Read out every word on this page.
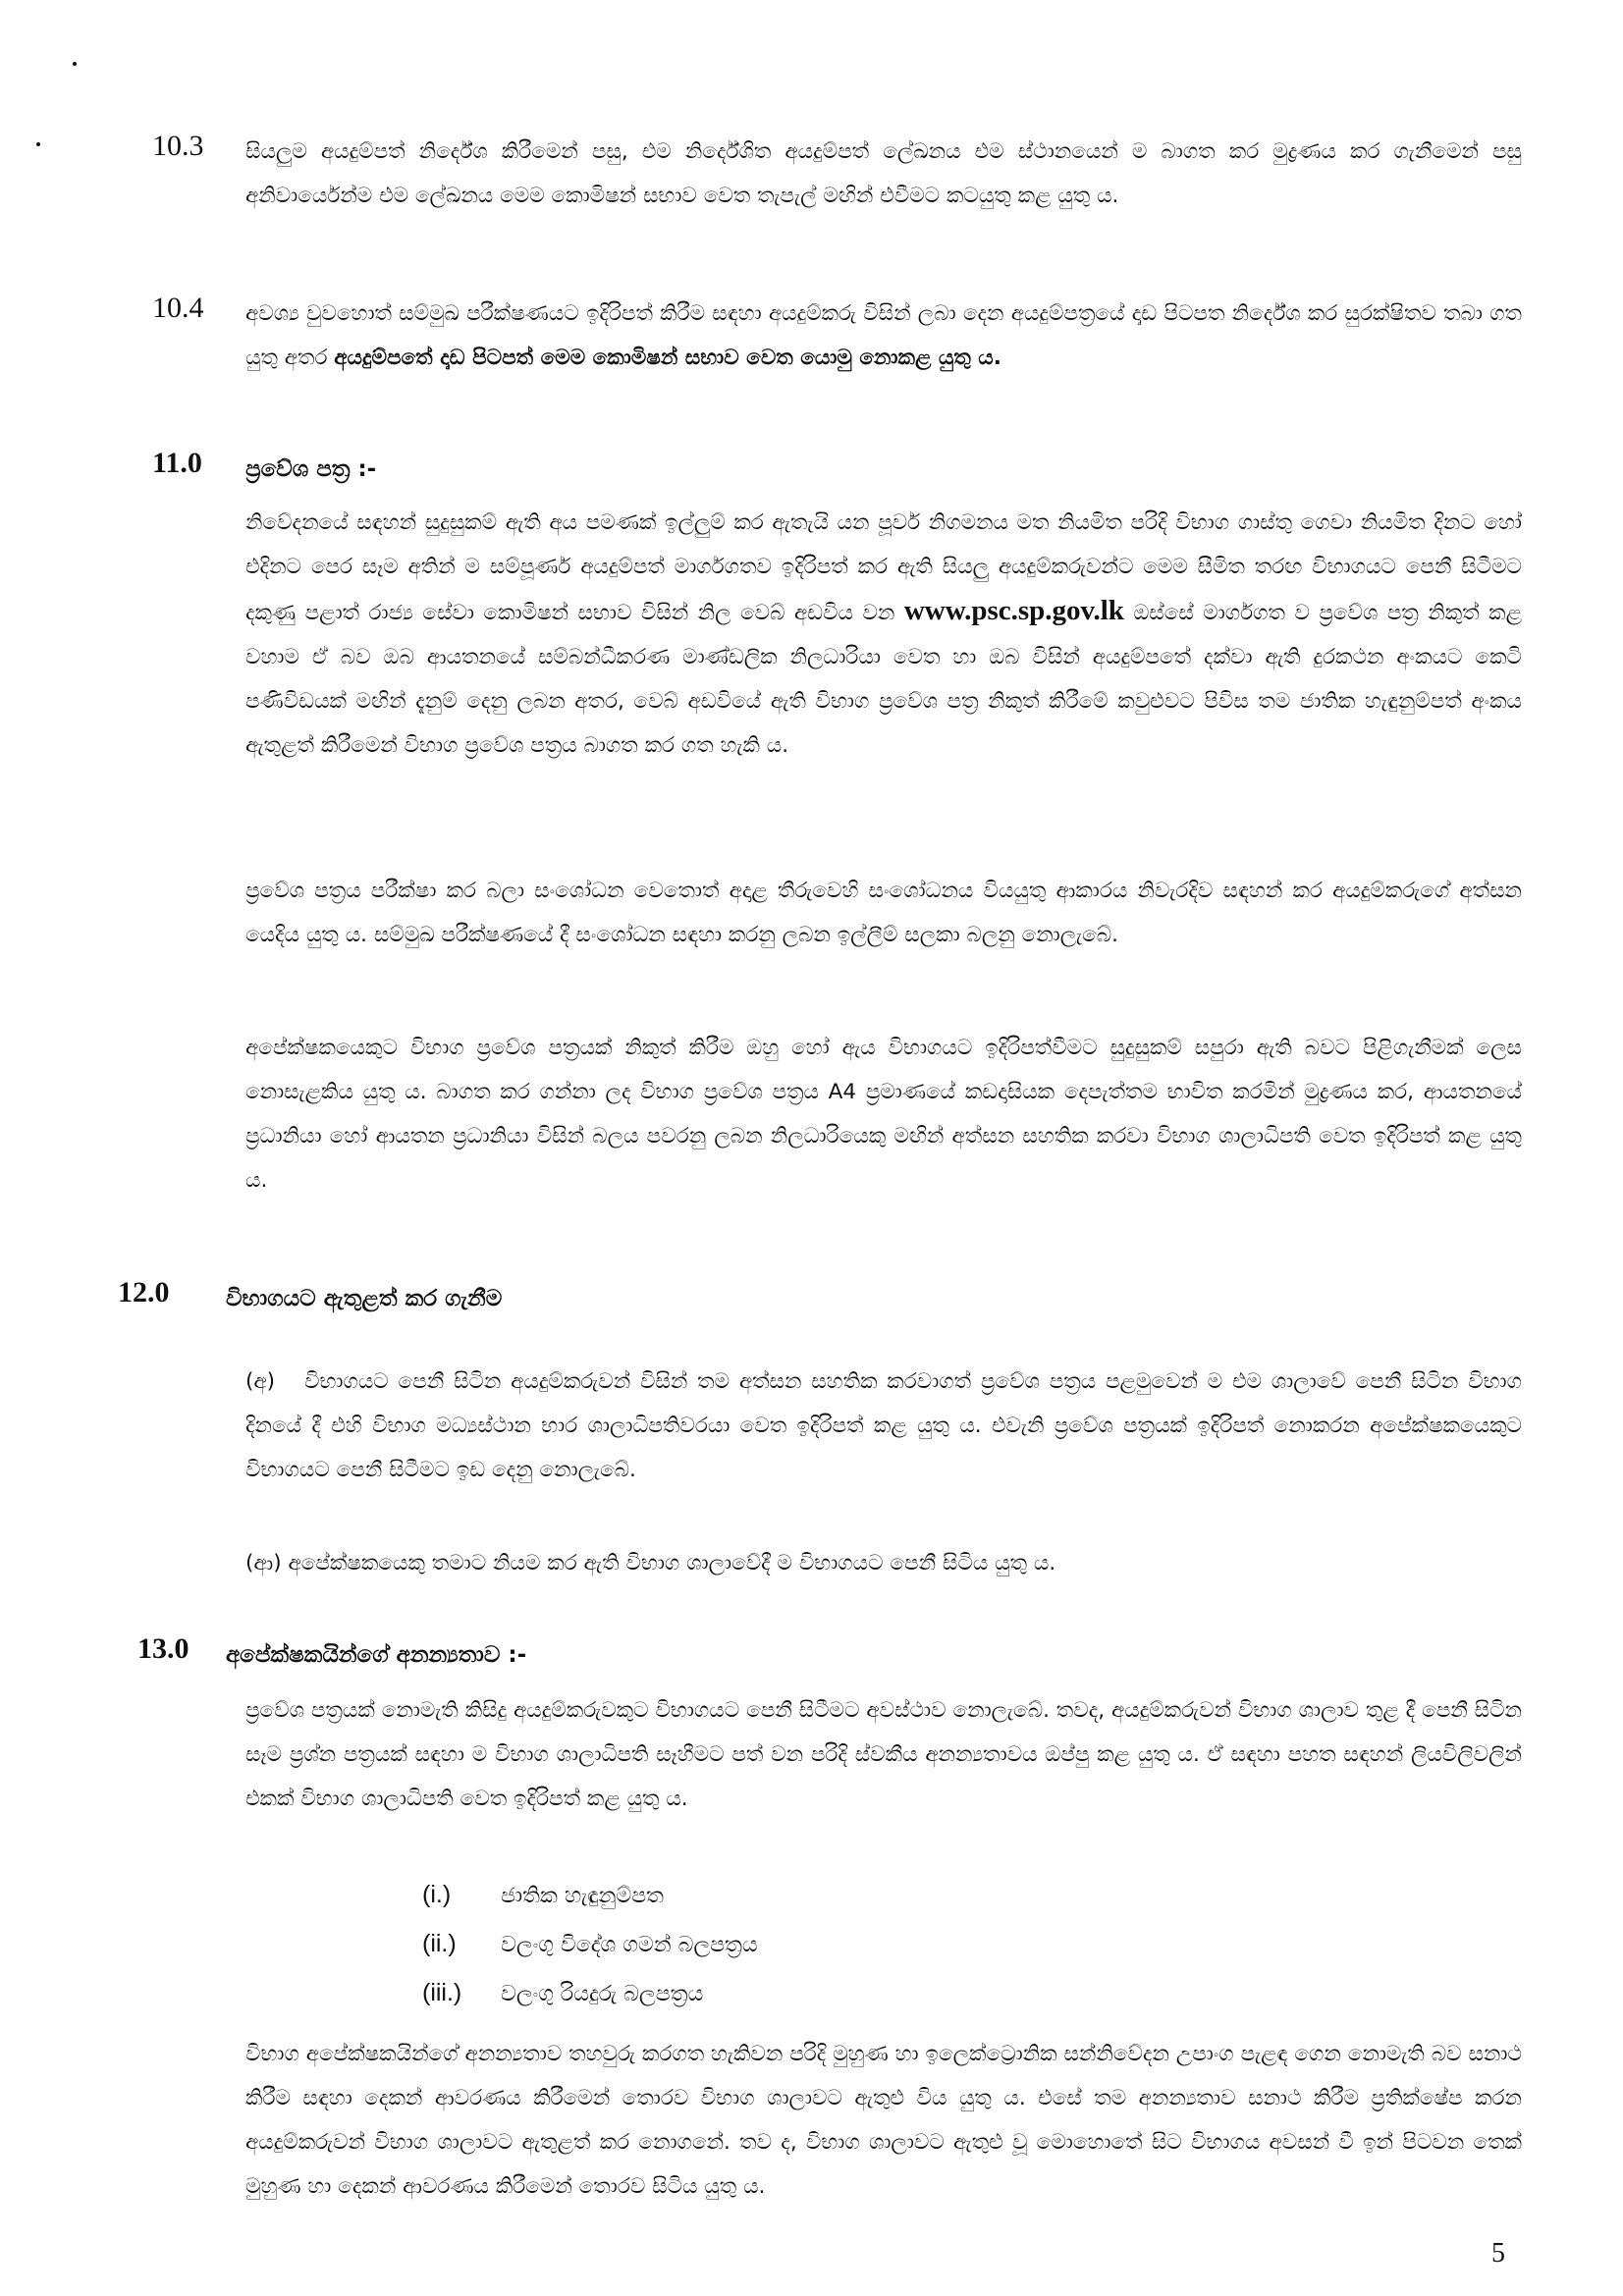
10.3 සියලුම අයදුම්පත් නිර්දේශ කිරීමෙන් පසු, එම නිර්දේශිත අයදුම්පත් ලේඛනය එම ස්ථානයෙන් ම බාගත කර මුද්‍රණය කර ගැනීමෙන් පසු අනිවාර්යෙන්ම එම ලේඛනය මෙම කොමිෂන් සභාව වෙත තැපැල් මඟින් එවීමට කටයුතු කළ යුතු ය.
10.4 අවශ්‍ය වුවහොත් සම්මුඛ පරීක්ෂණයට ඉදිරිපත් කිරීම සඳහා අයදුම්කරු විසින් ලබා දෙන අයදුම්පත්‍රයේ දෘඩ පිටපත නිර්දේශ කර සුරක්ෂිතව තබා ගත යුතු අතර අයදුම්පතේ දෘඩ පිටපත් මෙම කොමිෂන් සභාව වෙත යොමු නොකළ යුතු ය.
11.0 ප්‍රවේශ පත්‍ර :-
නිවේදනයේ සඳහන් සුදුසුකම් ඇති අය පමණක් ඉල්ලුම් කර ඇතැයි යන පූර්ව නිගමනය මත නියමිත පරිදි විභාග ගාස්තු ගෙවා නියමිත දිනට හෝ එදිනට පෙර සෑම අතින් ම සම්පූර්ණ අයදුම්පත් මාර්ගගතව ඉදිරිපත් කර ඇති සියලු අයදුම්කරුවන්ට මෙම සීමිත තරඟ විභාගයට පෙනී සිටීමට දකුණු පළාත් රාජ්‍ය සේවා කොමිෂන් සභාව විසින් නිල වෙබ් අඩවිය වන www.psc.sp.gov.lk ඔස්සේ මාර්ගගත ව ප්‍රවේශ පත්‍ර නිකුත් කළ වහාම ඒ බව ඔබ ආයතනයේ සම්බන්ධීකරණ මාණ්ඩලික නිලධාරියා වෙත හා ඔබ විසින් අයදුම්පතේ දක්වා ඇති දුරකථන අංකයට කෙටි පණිවිඩයක් මඟින් දැනුම් දෙනු ලබන අතර, වෙබ් අඩවියේ ඇති විභාග ප්‍රවේශ පත්‍ර නිකුත් කිරීමේ කවුළුවට පිවිස තම ජාතික හැඳුනුම්පත් අංකය ඇතුළත් කිරීමෙන් විභාග ප්‍රවේශ පත්‍රය බාගත කර ගත හැකි ය.
ප්‍රවේශ පත්‍රය පරීක්ෂා කර බලා සංශෝධන වෙතොත් අදාළ තීරුවෙහි සංශෝධනය වියයුතු ආකාරය නිවැරදිව සඳහන් කර අයදුම්කරුගේ අත්සන යෙදිය යුතු ය. සම්මුඛ පරීක්ෂණයේ දී සංශෝධන සඳහා කරනු ලබන ඉල්ලීම් සලකා බලනු නොලැබේ.
අපේක්ෂකයෙකුට විභාග ප්‍රවේශ පත්‍රයක් නිකුත් කිරීම ඔහු හෝ ඇය විභාගයට ඉදිරිපත්වීමට සුදුසුකම් සපුරා ඇති බවට පිළිගැනීමක් ලෙස නොසැළකිය යුතු ය. බාගත කර ගන්නා ලද විභාග ප්‍රවේශ පත්‍රය A4 ප්‍රමාණයේ කඩදාසියක දෙපැත්තම භාවිත කරමින් මුද්‍රණය කර, ආයතනයේ ප්‍රධානියා හෝ ආයතන ප්‍රධානියා විසින් බලය පවරනු ලබන නිලධාරියෙකු මඟින් අත්සන සහතික කරවා විභාග ශාලාධිපති වෙත ඉදිරිපත් කළ යුතු ය.
12.0	විභාගයට ඇතුළත් කර ගැනීම
(අ) විභාගයට පෙනී සිටින අයදුම්කරුවන් විසින් තම අත්සන සහතික කරවාගත් ප්‍රවේශ පත්‍රය පළමුවෙන් ම එම ශාලාවේ පෙනී සිටින විභාග දිනයේ දී එහි විභාග මධ්‍යස්ථාන භාර ශාලාධිපතිවරයා වෙත ඉදිරිපත් කළ යුතු ය. එවැනි ප්‍රවේශ පත්‍රයක් ඉදිරිපත් නොකරන අපේක්ෂකයෙකුට විභාගයට පෙනී සිටීමට ඉඩ දෙනු නොලැබේ.
(ආ) අපේක්ෂකයෙකු තමාට නියම කර ඇති විභාග ශාලාවේදී ම විභාගයට පෙනී සිටිය යුතු ය.
13.0 අපේක්ෂකයින්ගේ අනන්‍යතාව :-
ප්‍රවේශ පත්‍රයක් නොමැති කිසිදු අයදුම්කරුවකුට විභාගයට පෙනී සිටීමට අවස්ථාව නොලැබේ. තවද, අයදුම්කරුවන් විභාග ශාලාව තුළ දී පෙනී සිටින සෑම ප්‍රශ්න පත්‍රයක් සඳහා ම විභාග ශාලාධිපති සෑහීමට පත් වන පරිදි ස්වකීය අනන්‍යතාවය ඔප්පු කළ යුතු ය. ඒ සඳහා පහත සඳහන් ලියවිලිවලින් එකක් විභාග ශාලාධිපති වෙත ඉදිරිපත් කළ යුතු ය.
(i.) ජාතික හැඳුනුම්පත
(ii.) වලංගු විදේශ ගමන් බලපත්‍රය
(iii.) වලංගු රියදුරු බලපත්‍රය
විභාග අපේක්ෂකයින්ගේ අනන්‍යතාව තහවුරු කරගත හැකිවන පරිදි මුහුණ හා ඉලෙක්ට්‍රොනික සන්නිවේදන උපාංග පැළඳ ගෙන නොමැති බව සනාථ කිරීම සඳහා දෙකන් ආවරණය කිරීමෙන් තොරව විභාග ශාලාවට ඇතුළු විය යුතු ය. එසේ තම අනන්‍යතාව සනාථ කිරීම ප්‍රතික්ෂේප කරන අයදුම්කරුවන් විභාග ශාලාවට ඇතුළත් කර නොගනේ. තව ද, විභාග ශාලාවට ඇතුළු වූ මොහොතේ සිට විභාගය අවසන් වී ඉන් පිටවන තෙක් මුහුණ හා දෙකන් ආවරණය කිරීමෙන් තොරව සිටිය යුතු ය.
5
